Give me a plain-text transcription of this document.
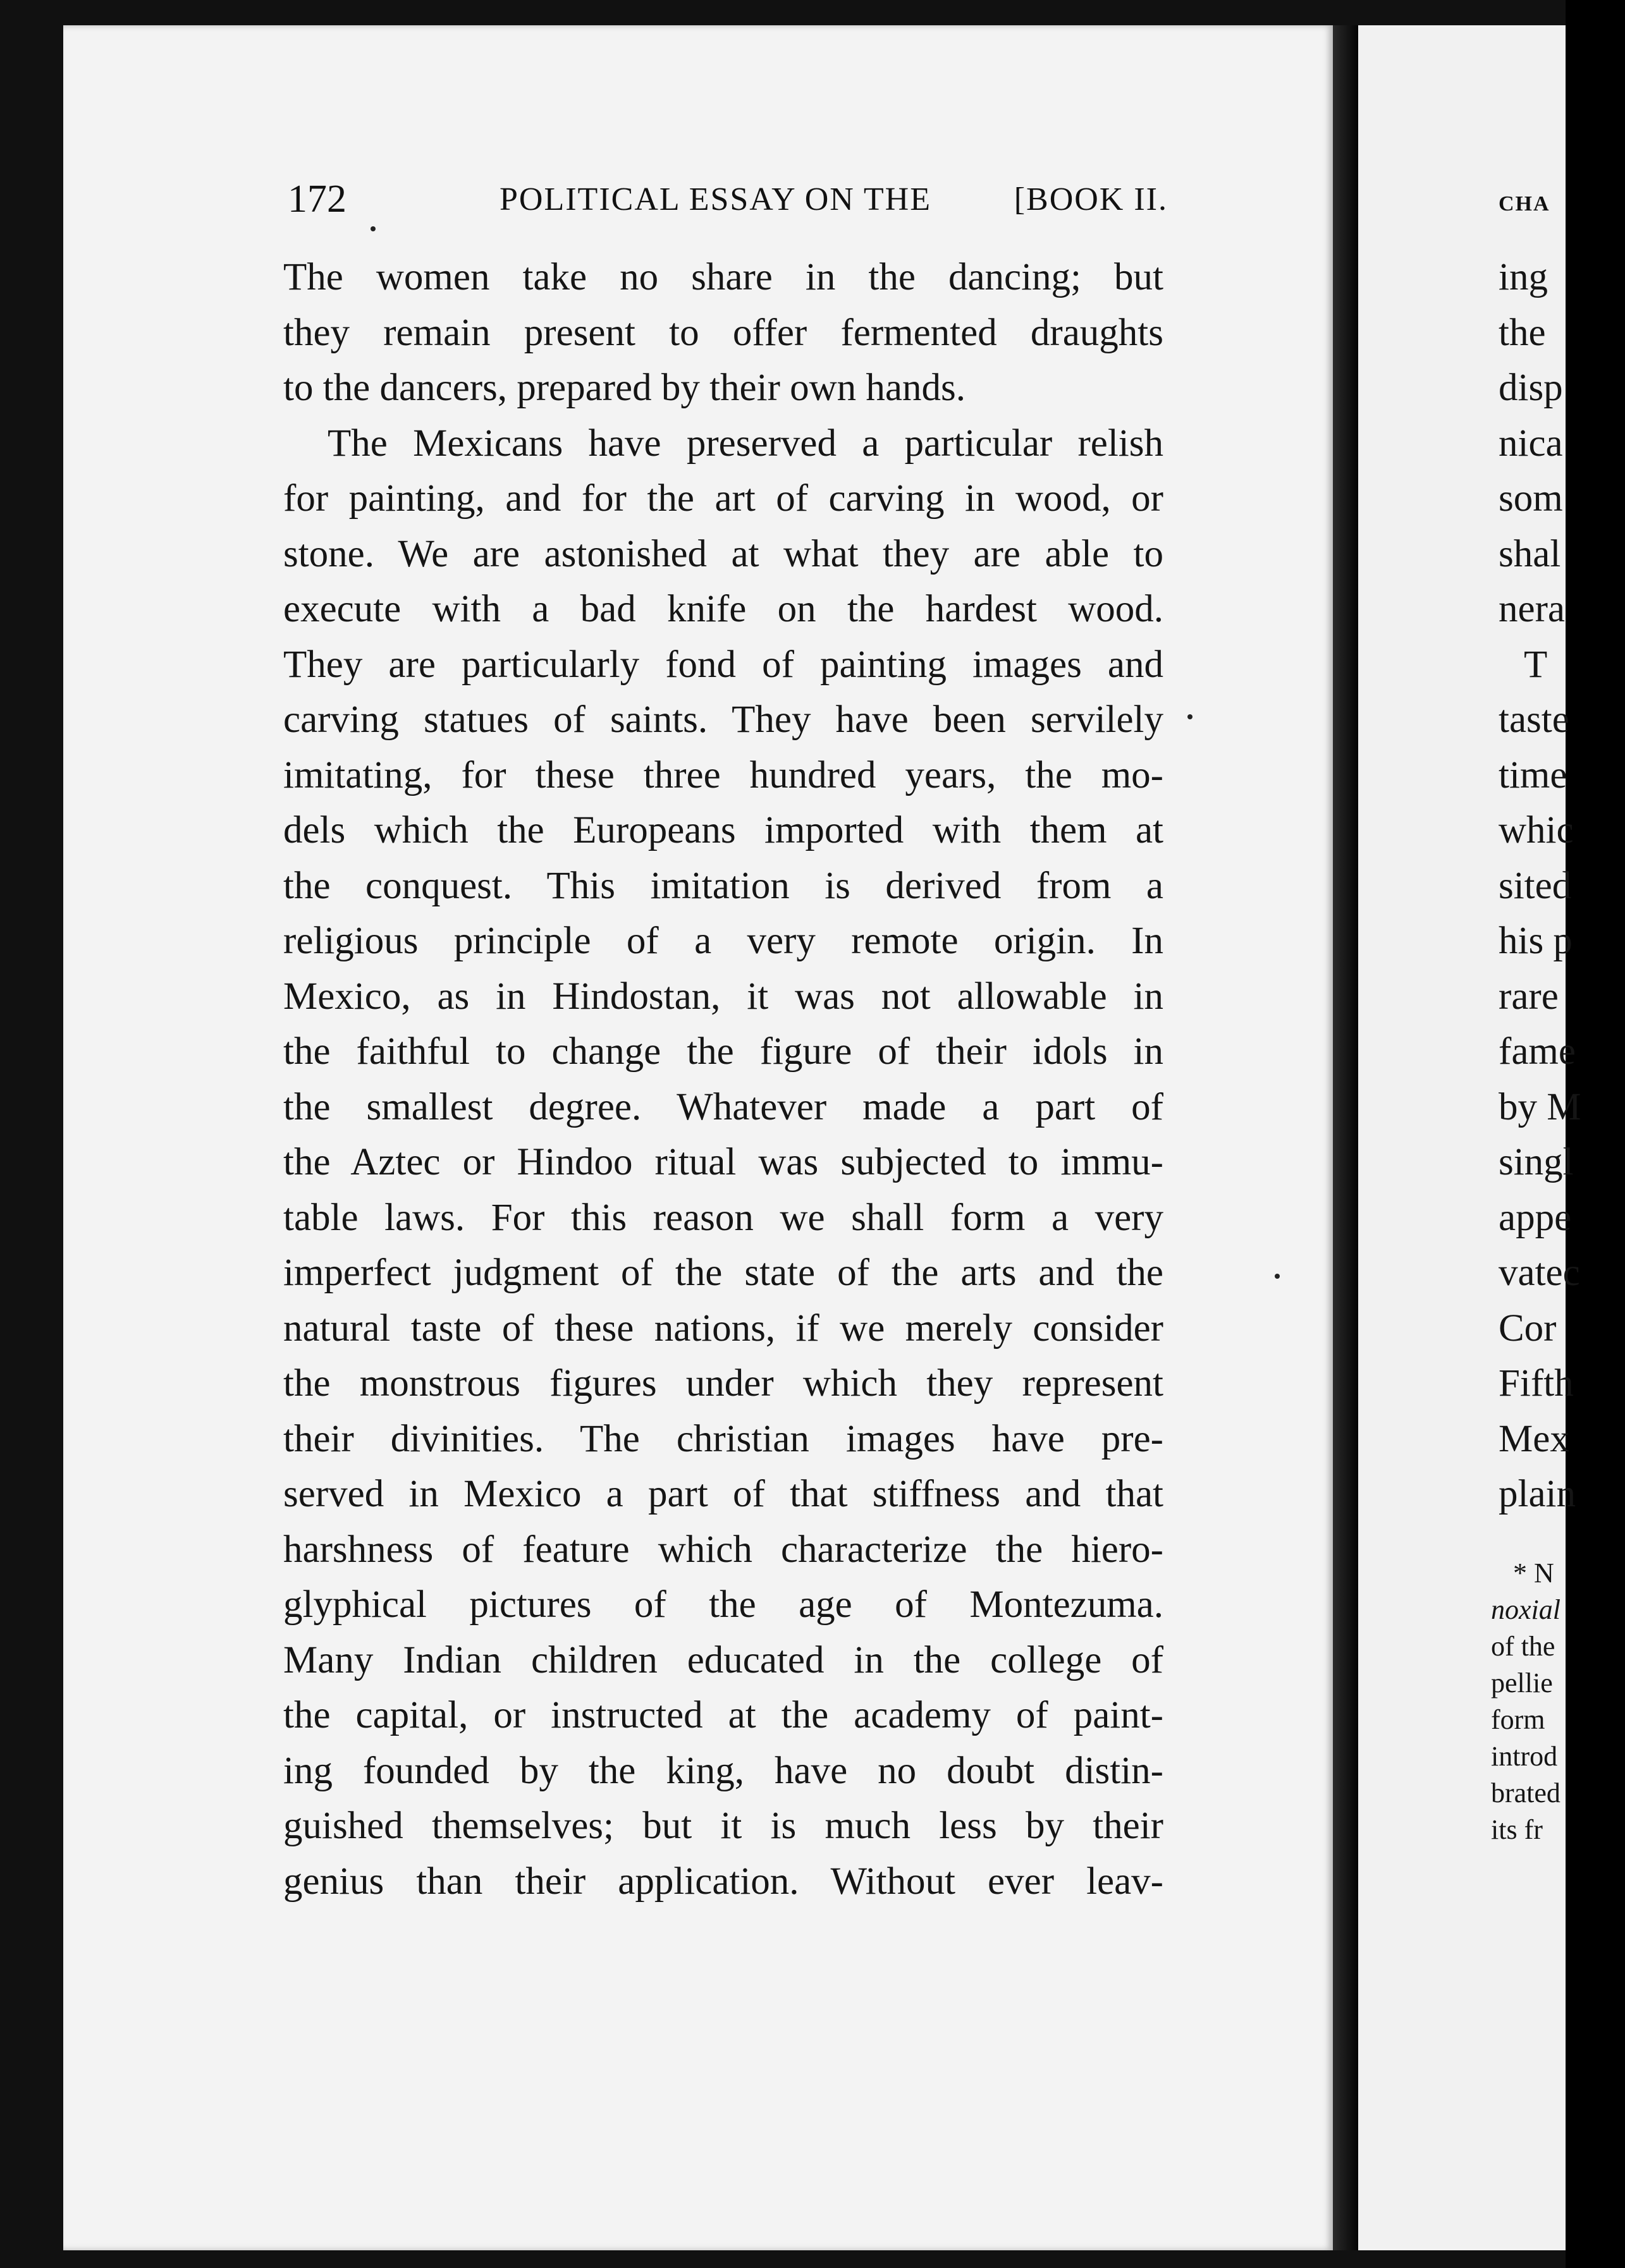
172	POLITICAL ESSAY ON THE	[BOOK II.
The women take no share in the dancing; but
they remain present to offer fermented draughts
to the dancers, prepared by their own hands.
The Mexicans have preserved a particular relish
for painting, and for the art of carving in wood, or
stone. We are astonished at what they are able to
execute with a bad knife on the hardest wood.
They are particularly fond of painting images and
carving statues of saints. They have been servilely
imitating, for these three hundred years, the mo-
dels which the Europeans imported with them at
the conquest. This imitation is derived from a
religious principle of a very remote origin. In
Mexico, as in Hindostan, it was not allowable in
the faithful to change the figure of their idols in
the smallest degree. Whatever made a part of
the Aztec or Hindoo ritual was subjected to immu-
table laws. For this reason we shall form a very
imperfect judgment of the state of the arts and the
natural taste of these nations, if we merely consider
the monstrous figures under which they represent
their divinities. The christian images have pre-
served in Mexico a part of that stiffness and that
harshness of feature which characterize the hiero-
glyphical pictures of the age of Montezuma.
Many Indian children educated in the college of
the capital, or instructed at the academy of paint-
ing founded by the king, have no doubt distin-
guished themselves; but it is much less by their
genius than their application. Without ever leav-
CHA
ing
the
disp
nica
som
shal
nera
T
taste
time
whic
sited
his p
rare
fame
by M
singl
appe
vatec
Cor
Fifth
Mex
plain
* N
noxial
of the
pellie
form
introd
brated
its fr
